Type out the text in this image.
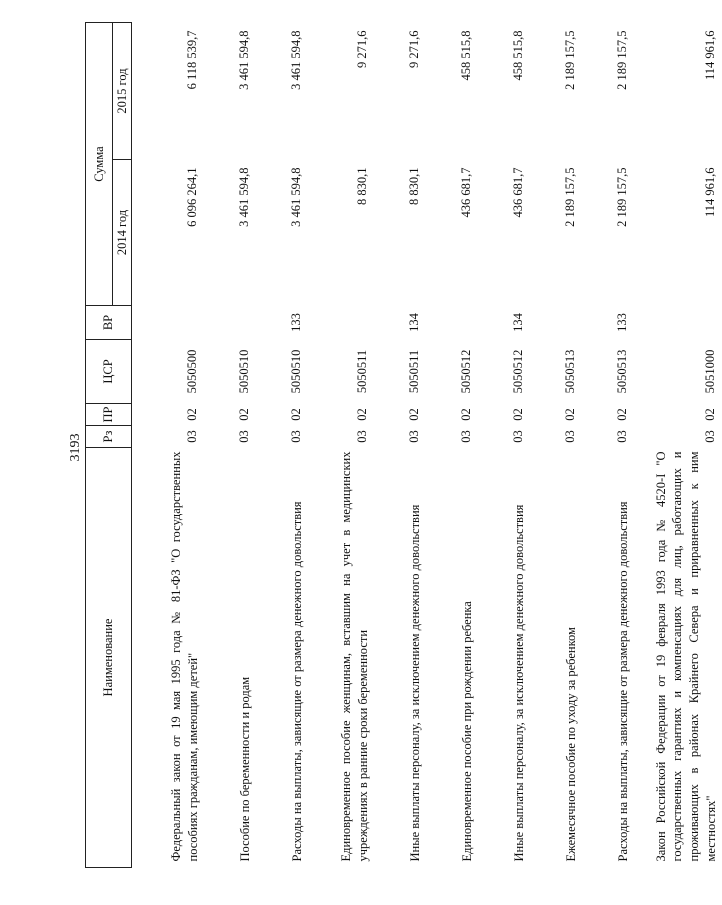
3193
Наименование	Рз	ПР	ЦСР	ВР	Сумма	
					2014 год	2015 год
Федеральный закон от 19 мая 1995 года № 81-ФЗ "О государственных пособиях гражданам, имеющим детей"	03	02	5050500		6 096 264,1	6 118 539,7
Пособие по беременности и родам	03	02	5050510		3 461 594,8	3 461 594,8
Расходы на выплаты, зависящие от размера денежного довольствия	03	02	5050510	133	3 461 594,8	3 461 594,8
Единовременное пособие женщинам, вставшим на учет в медицинских учреждениях в ранние сроки беременности	03	02	5050511		8 830,1	9 271,6
Иные выплаты персоналу, за исключением денежного довольствия	03	02	5050511	134	8 830,1	9 271,6
Единовременное пособие при рождении ребенка	03	02	5050512		436 681,7	458 515,8
Иные выплаты персоналу, за исключением денежного довольствия	03	02	5050512	134	436 681,7	458 515,8
Ежемесячное пособие по уходу за ребенком	03	02	5050513		2 189 157,5	2 189 157,5
Расходы на выплаты, зависящие от размера денежного довольствия	03	02	5050513	133	2 189 157,5	2 189 157,5
Закон Российской Федерации от 19 февраля 1993 года № 4520-I "О государственных гарантиях и компенсациях для лиц, работающих и проживающих в районах Крайнего Севера и приравненных к ним местностях"	03	02	5051000		114 961,6	114 961,6
